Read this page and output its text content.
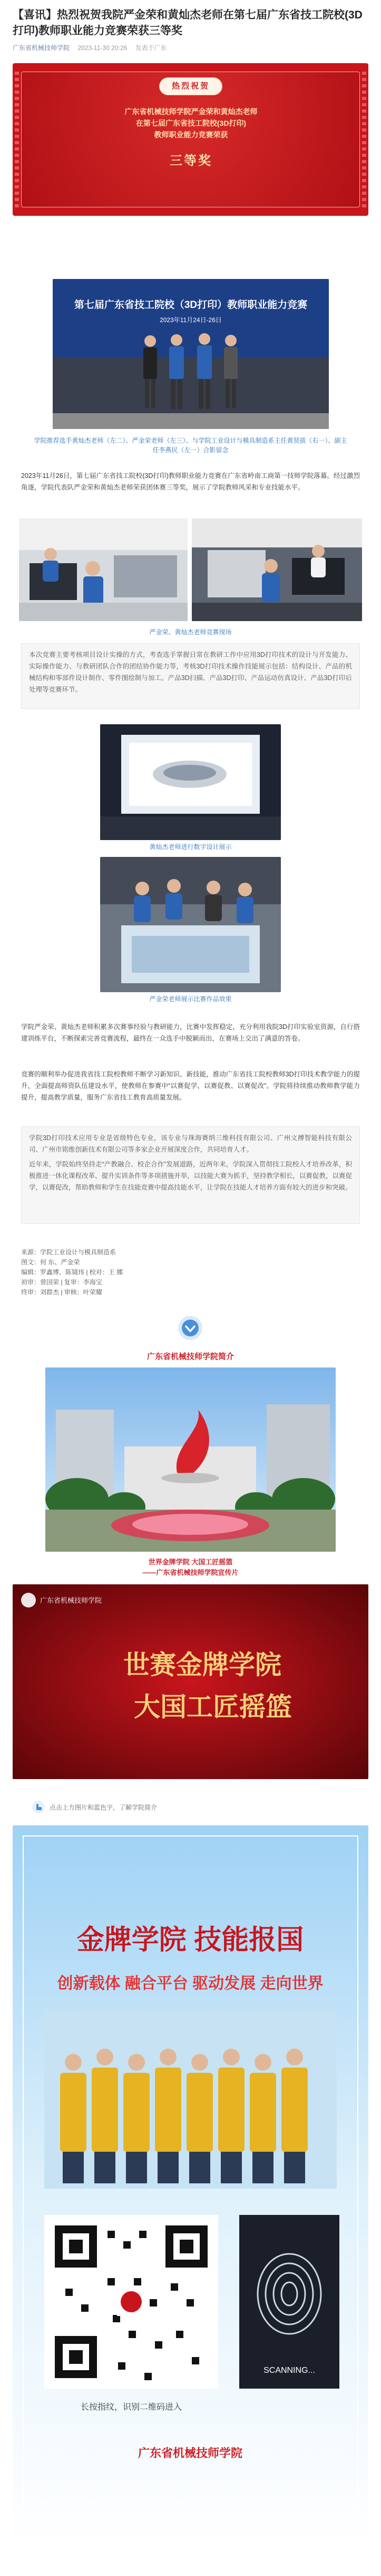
【喜讯】热烈祝贺我院严金荣和黄灿杰老师在第七届广东省技工院校(3D打印)教师职业能力竞赛荣获三等奖
广东省机械技师学院 2023-11-30 20:26 发表于广东
热烈祝贺
广东省机械技师学院严金荣和黄灿杰老师
在第七届广东省技工院校(3D打印)
教师职业能力竞赛荣获
三等奖
第七届广东省技工院校（3D打印）教师职业能力竞赛
2023年11月24日-26日
学院推荐选手黄灿杰老师（左二）、严金荣老师（左三）、与学院工业设计与模具制造系主任黄贤拔（右一）、副主任李燕民（左一）合影留念
2023年11月26日，第七届广东省技工院校(3D打印)教师职业能力竞赛在广东省岭南工商第一技师学院落幕。经过激烈角逐，学院代表队严金荣和黄灿杰老师荣获团体赛三等奖，展示了学院教师风采和专业技能水平。
严金荣、黄灿杰老师竞赛现场
本次竞赛主要考核项目设计实操的方式，考查选手掌握日常在教研工作中应用3D打印技术的设计与开发能力、实际操作能力、与教研团队合作的团结协作能力等，考核3D打印技术操作技能展示包括：结构设计、产品的机械结构和零部件设计制作、零件图绘制与加工。产品3D扫描、产品3D打印、产品运动仿真设计、产品3D打印后处理等竞赛环节。
黄灿杰老师进行数字设计展示
严金荣老师展示比赛作品效果
学院严金荣、黄灿杰老师积累多次赛事经验与教研能力，比赛中发挥稳定，充分利用我院3D打印实验室资源，自行搭建训练平台，不断探索完善竞赛流程，最终在一众选手中脱颖而出，在赛场上交出了满意的答卷。
竞赛的顺利举办促进我省技工院校教师不断学习新知识、新技能，推动广东省技工院校教师3D打印技术教学能力的提升，全面提高师资队伍建设水平，使教师在参赛中“以赛促学、以赛促教、以赛促改”。学院将持续推动教师教学能力提升，提高教学质量，服务广东省技工教育高质量发展。
学院3D打印技术应用专业是省级特色专业，该专业与珠海赛纳三维科技有限公司、广州文搏智能科技有限公司、广州市铭维创新技术有限公司等多家企业开展深度合作，共同培育人才。
近年来，学院始终坚持走“产教融合、校企合作”发展道路，近两年来，学院深入贯彻技工院校人才培养改革，积极推进一体化课程改革、提升实训条件等多项措施并举，以技能大赛为抓手，坚持教学相长，以赛促教，以赛促学，以赛促改，帮助教师和学生在技能竞赛中提高技能水平，让学院在技能人才培养方面有较大的进步和突破。
来源：学院工业设计与模具制造系
图文：何 东、严金荣
编辑：罗鑫博、陈镜玮 | 校对：王 娜
初审：曾国荣 | 复审：李海宝
终审：刘群杰 | 审核：叶荣耀
广东省机械技师学院简介
世界金牌学院 大国工匠摇篮
——广东省机械技师学院宣传片
广东省机械技师学院
世赛金牌学院
大国工匠摇篮
点击上方图片和蓝色字，了解学院简介
金牌学院 技能报国
创新载体 融合平台 驱动发展 走向世界
SCANNING...
长按指纹，识别二维码进入
广东省机械技师学院
